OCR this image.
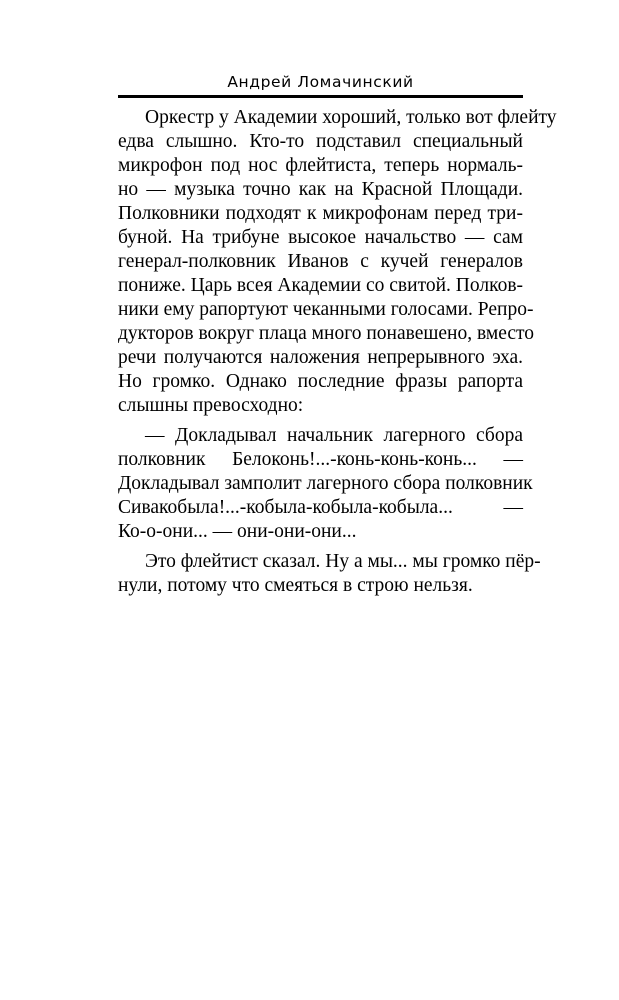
Андрей Ломачинский
Оркестр у Академии хороший, только вот флейту
едва слышно. Кто-то подставил специальный
микрофон под нос флейтиста, теперь нормаль-
но — музыка точно как на Красной Площади.
Полковники подходят к микрофонам перед три-
буной. На трибуне высокое начальство — сам
генерал-полковник Иванов с кучей генералов
пониже. Царь всея Академии со свитой. Полков-
ники ему рапортуют чеканными голосами. Репро-
дукторов вокруг плаца много понавешено, вместо
речи получаются наложения непрерывного эха.
Но громко. Однако последние фразы рапорта
слышны превосходно:
— Докладывал начальник лагерного сбора
полковник Белоконь!...-конь-конь-конь... —
Докладывал замполит лагерного сбора полковник
Сивакобыла!...-кобыла-кобыла-кобыла... —
Ко-о-они... — они-они-они...
Это флейтист сказал. Ну а мы... мы громко пёр-
нули, потому что смеяться в строю нельзя.
